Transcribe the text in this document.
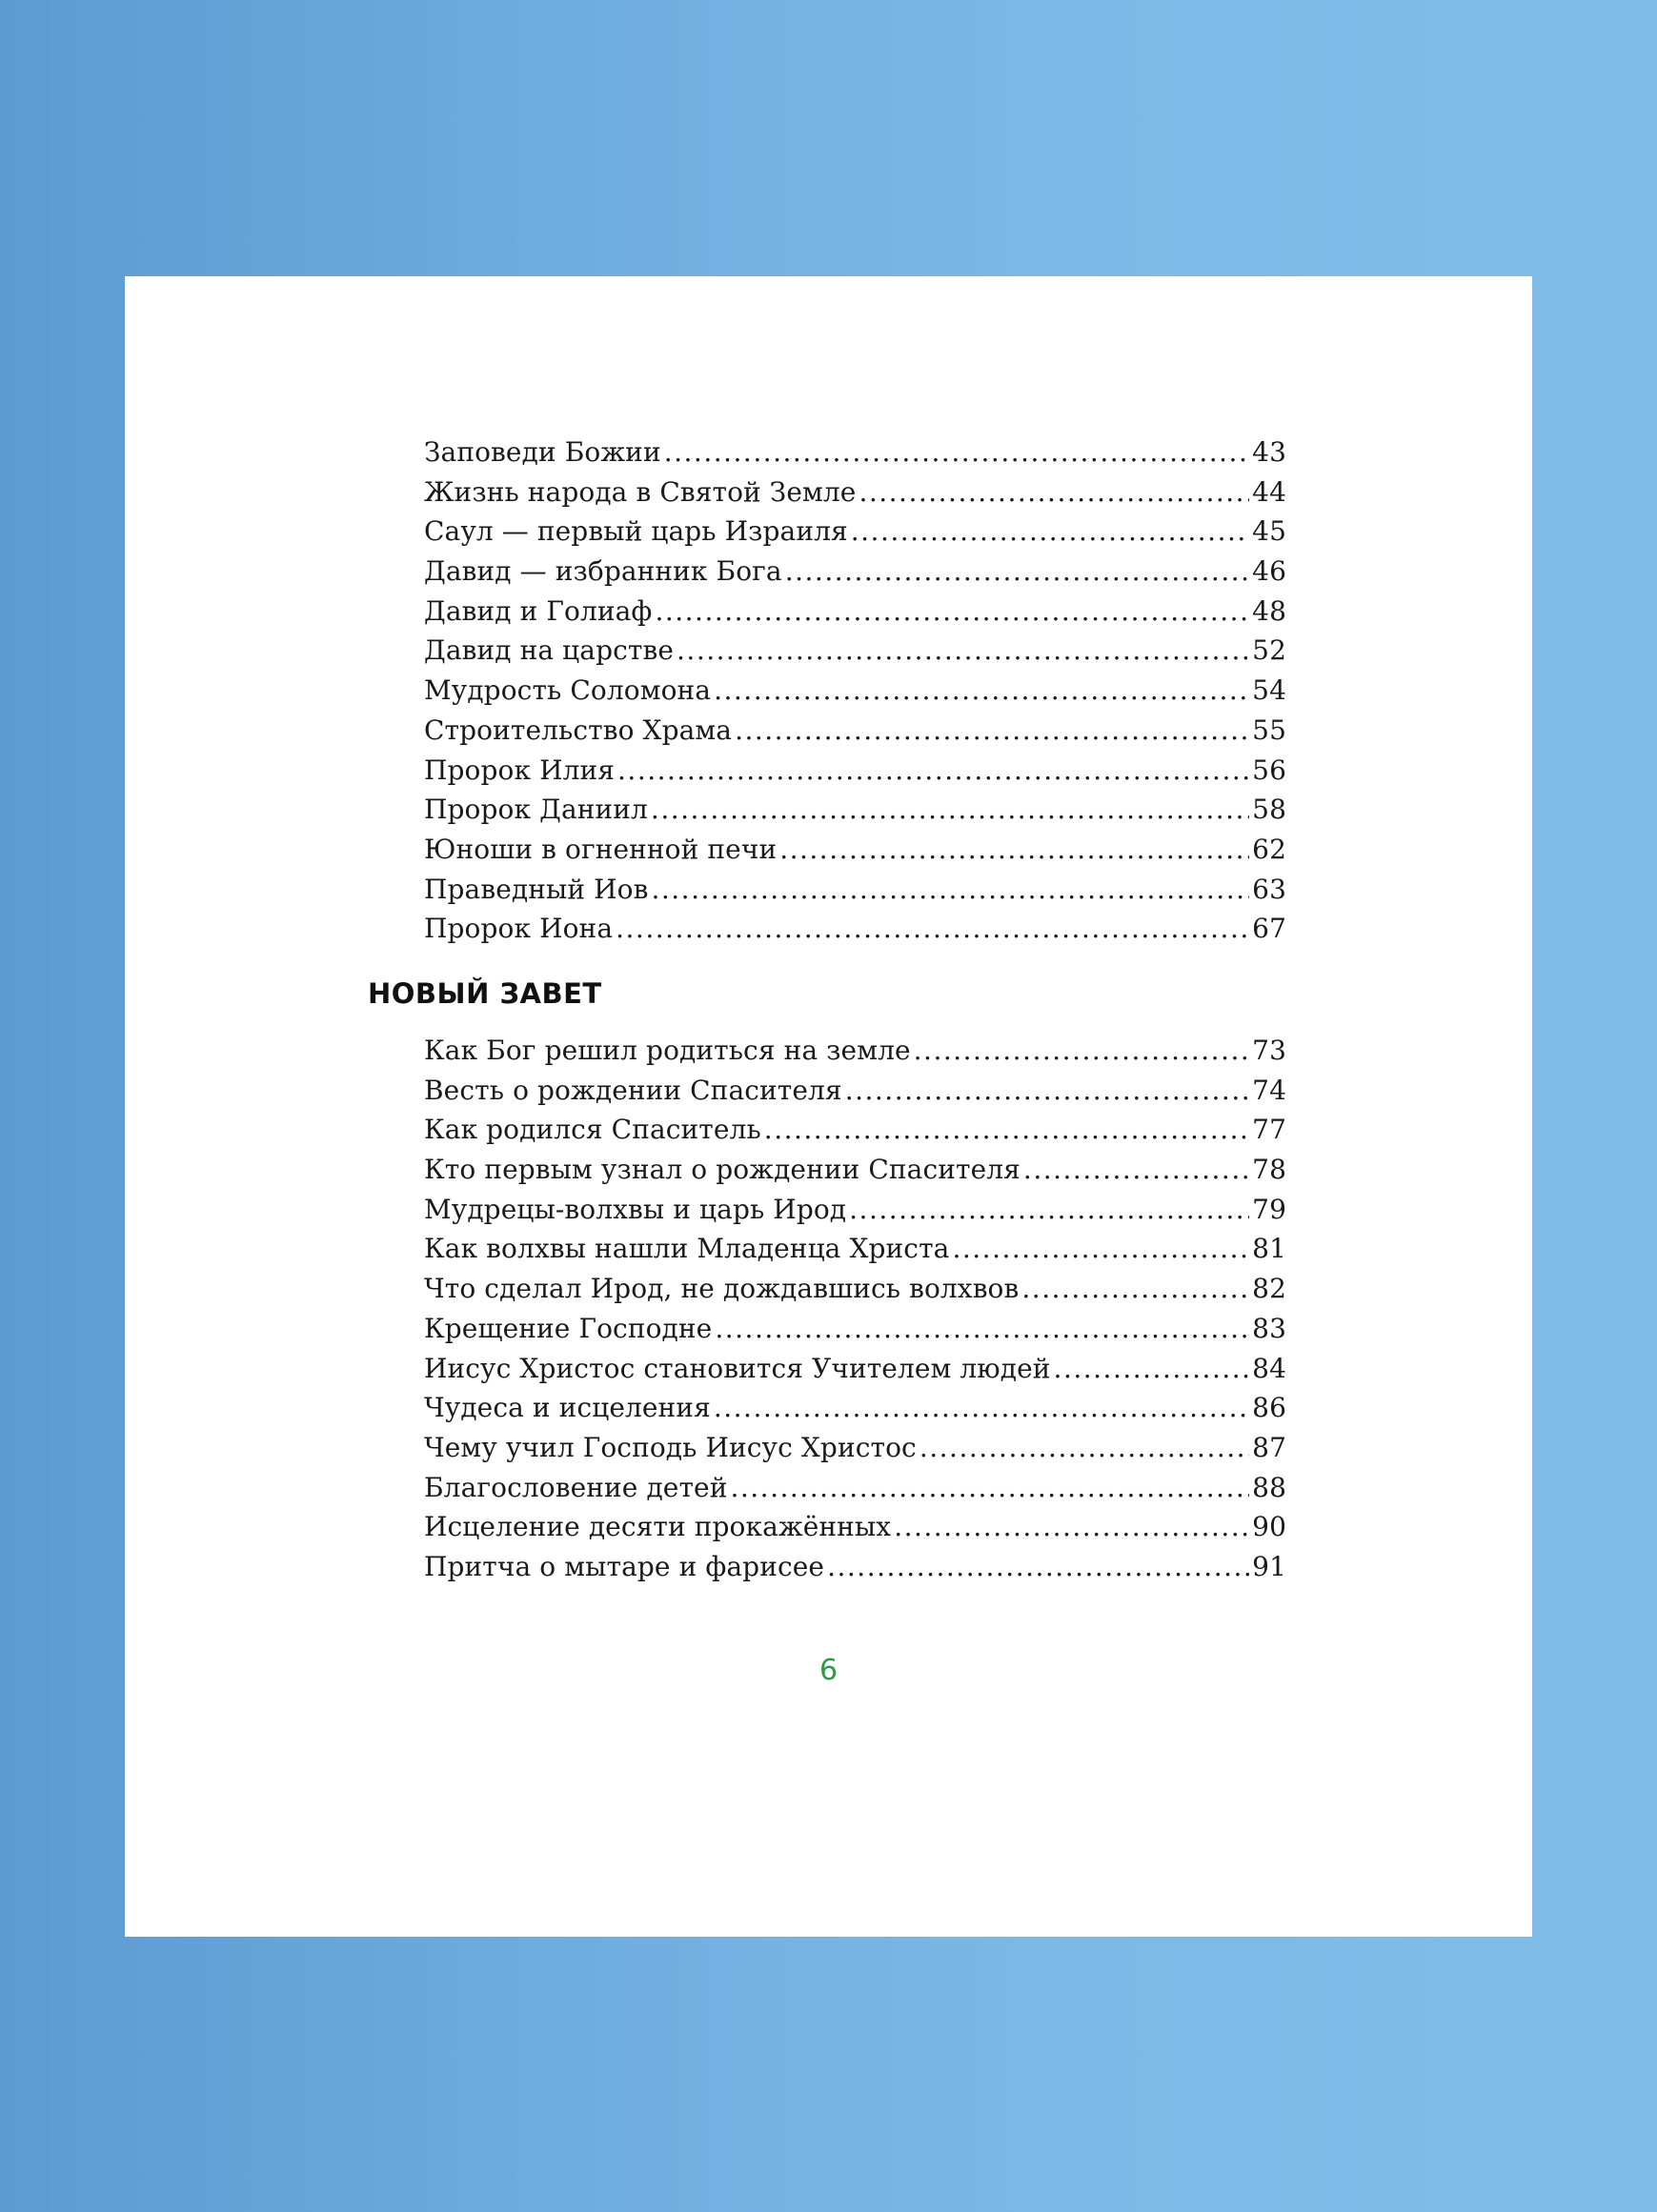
Заповеди Божии .....	43
Жизнь народа в Святой Земле .....	44
Саул — первый царь Израиля .....	45
Давид — избранник Бога .....	46
Давид и Голиаф .....	48
Давид на царстве .....	52
Мудрость Соломона .....	54
Строительство Храма .....	55
Пророк Илия .....	56
Пророк Даниил .....	58
Юноши в огненной печи .....	62
Праведный Иов .....	63
Пророк Иона .....	67
НОВЫЙ ЗАВЕТ
Как Бог решил родиться на земле .....	73
Весть о рождении Спасителя .....	74
Как родился Спаситель .....	77
Кто первым узнал о рождении Спасителя .....	78
Мудрецы-волхвы и царь Ирод .....	79
Как волхвы нашли Младенца Христа .....	81
Что сделал Ирод, не дождавшись волхвов .....	82
Крещение Господне .....	83
Иисус Христос становится Учителем людей .....	84
Чудеса и исцеления .....	86
Чему учил Господь Иисус Христос .....	87
Благословение детей .....	88
Исцеление десяти прокажённых .....	90
Притча о мытаре и фарисее .....	91
6
